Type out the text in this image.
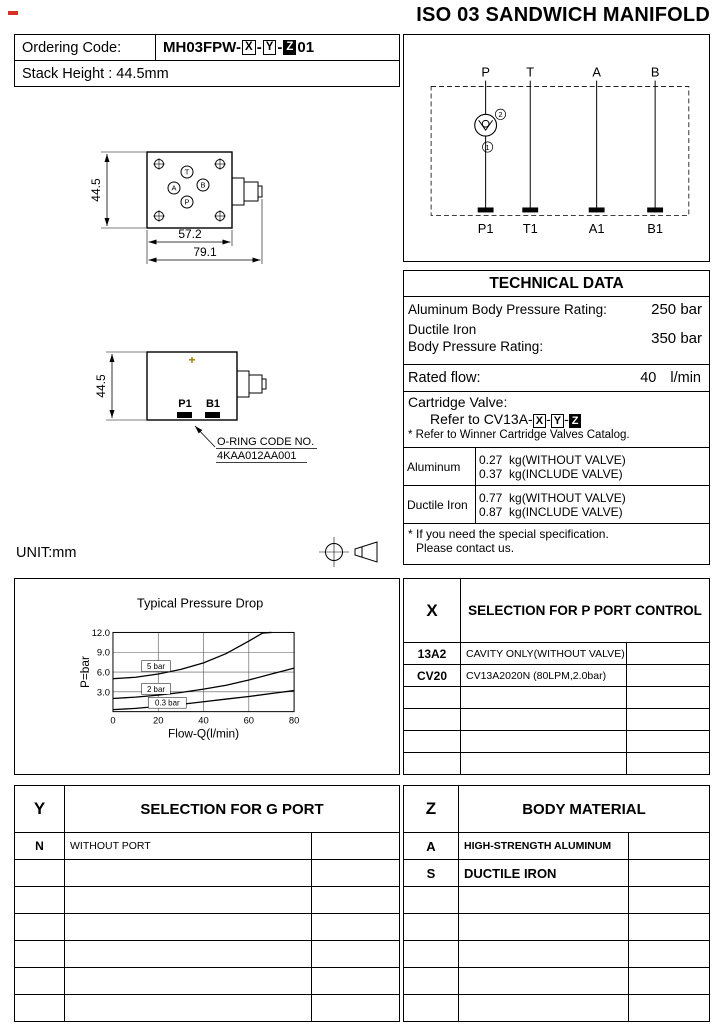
ISO 03 SANDWICH MANIFOLD
Ordering Code:	MH03FPW- X - Y - Z 01
Stack Height : 44.5mm	P	T	A	B
2
1
P1 T1	A1	B1
T
A	B
P
44.5
57.2
79.1
+
P1 B1
44.5
O-RING CODE NO.
4KAA012AA001
UNIT:mm
TECHNICAL DATA
Aluminum Body Pressure Rating:	250 bar
Ductile Iron
Body Pressure Rating:	350 bar
Rated flow:	40 l/min
Cartridge Valve:
Refer to CV13A- X - Y - Z
* Refer to Winner Cartridge Valves Catalog.
Aluminum	0.27  kg(WITHOUT VALVE)
0.37  kg(INCLUDE VALVE)
Ductile Iron 0.77  kg(WITHOUT VALVE)
0.87  kg(INCLUDE VALVE)
* If you need the special specification.
Please contact us.
0	20	40	60	80
3.0
6.0
9.0
12.0
5 bar
2 bar
0.3 bar
Flow-Q(l/min)
P=bar
Typical Pressure Drop	X	SELECTION FOR P PORT CONTROL
13A2	CAVITY ONLY(WITHOUT VALVE)
CV20	CV13A2020N (80LPM,2.0bar)
Y	SELECTION FOR G PORT
N	WITHOUT PORT
Z	BODY MATERIAL
A	HIGH-STRENGTH ALUMINUM
S	DUCTILE IRON
